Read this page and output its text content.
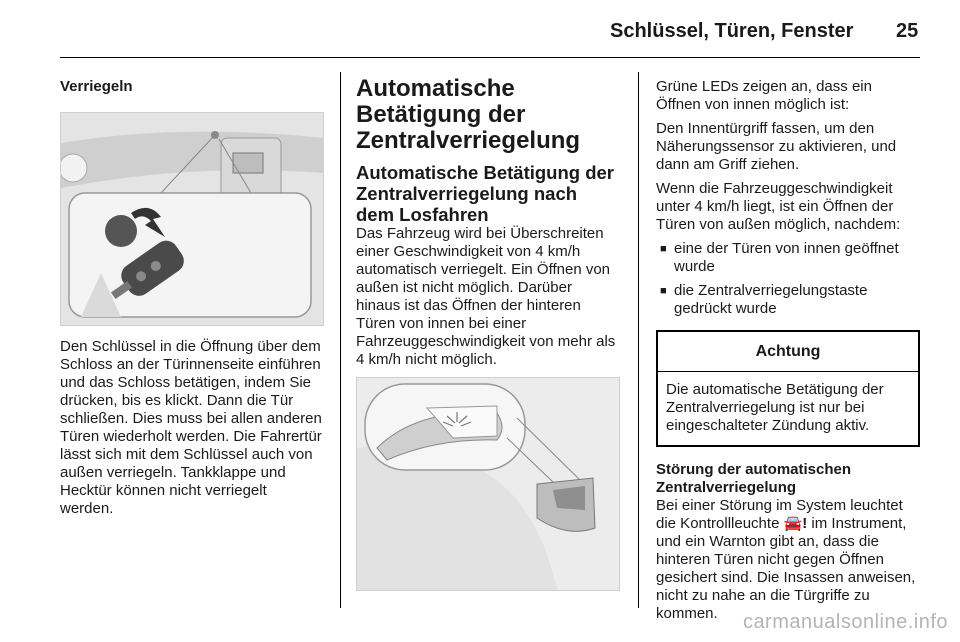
Schlüssel, Türen, Fenster 25

Verriegeln

Den Schlüssel in die Öffnung über dem Schloss an der Türinnenseite einführen und das Schloss betätigen, indem Sie drücken, bis es klickt. Dann die Tür schließen. Dies muss bei allen anderen Türen wiederholt werden. Die Fahrertür lässt sich mit dem Schlüssel auch von außen verriegeln. Tankklappe und Hecktür können nicht verriegelt werden.

Automatische Betätigung der Zentralverriegelung

Automatische Betätigung der Zentralverriegelung nach dem Losfahren

Das Fahrzeug wird bei Überschreiten einer Geschwindigkeit von 4 km/h automatisch verriegelt. Ein Öffnen von außen ist nicht möglich. Darüber hinaus ist das Öffnen der hinteren Türen von innen bei einer Fahrzeuggeschwindigkeit von mehr als 4 km/h nicht möglich.

Grüne LEDs zeigen an, dass ein Öffnen von innen möglich ist:

Den Innentürgriff fassen, um den Näherungssensor zu aktivieren, und dann am Griff ziehen.

Wenn die Fahrzeuggeschwindigkeit unter 4 km/h liegt, ist ein Öffnen der Türen von außen möglich, nachdem:

■ eine der Türen von innen geöffnet wurde
■ die Zentralverriegelungstaste gedrückt wurde
Achtung
Die automatische Betätigung der Zentralverriegelung ist nur bei eingeschalteter Zündung aktiv.

Störung der automatischen Zentralverriegelung

Bei einer Störung im System leuchtet die Kontrollleuchte 🚘! im Instrument, und ein Warnton gibt an, dass die hinteren Türen nicht gegen Öffnen gesichert sind. Die Insassen anweisen, nicht zu nahe an die Türgriffe zu kommen.	carmanualsonline.info
